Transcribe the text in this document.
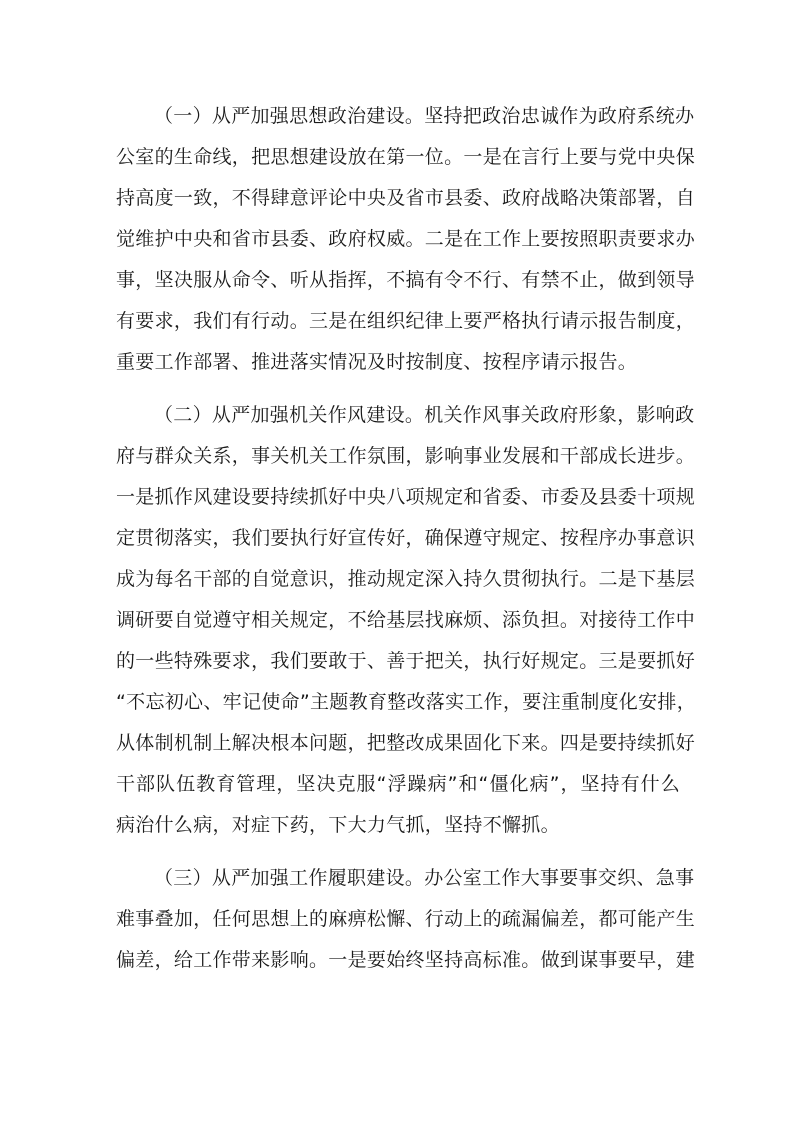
（一）从严加强思想政治建设。坚持把政治忠诚作为政府系统办
公室的生命线，把思想建设放在第一位。一是在言行上要与党中央保
持高度一致，不得肆意评论中央及省市县委、政府战略决策部署，自
觉维护中央和省市县委、政府权威。二是在工作上要按照职责要求办
事，坚决服从命令、听从指挥，不搞有令不行、有禁不止，做到领导
有要求，我们有行动。三是在组织纪律上要严格执行请示报告制度，
重要工作部署、推进落实情况及时按制度、按程序请示报告。

（二）从严加强机关作风建设。机关作风事关政府形象，影响政
府与群众关系，事关机关工作氛围，影响事业发展和干部成长进步。
一是抓作风建设要持续抓好中央八项规定和省委、市委及县委十项规
定贯彻落实，我们要执行好宣传好，确保遵守规定、按程序办事意识
成为每名干部的自觉意识，推动规定深入持久贯彻执行。二是下基层
调研要自觉遵守相关规定，不给基层找麻烦、添负担。对接待工作中
的一些特殊要求，我们要敢于、善于把关，执行好规定。三是要抓好
“不忘初心、牢记使命”主题教育整改落实工作，要注重制度化安排，
从体制机制上解决根本问题，把整改成果固化下来。四是要持续抓好
干部队伍教育管理，坚决克服“浮躁病”和“僵化病”，坚持有什么
病治什么病，对症下药，下大力气抓，坚持不懈抓。

（三）从严加强工作履职建设。办公室工作大事要事交织、急事
难事叠加，任何思想上的麻痹松懈、行动上的疏漏偏差，都可能产生
偏差，给工作带来影响。一是要始终坚持高标准。做到谋事要早，建
